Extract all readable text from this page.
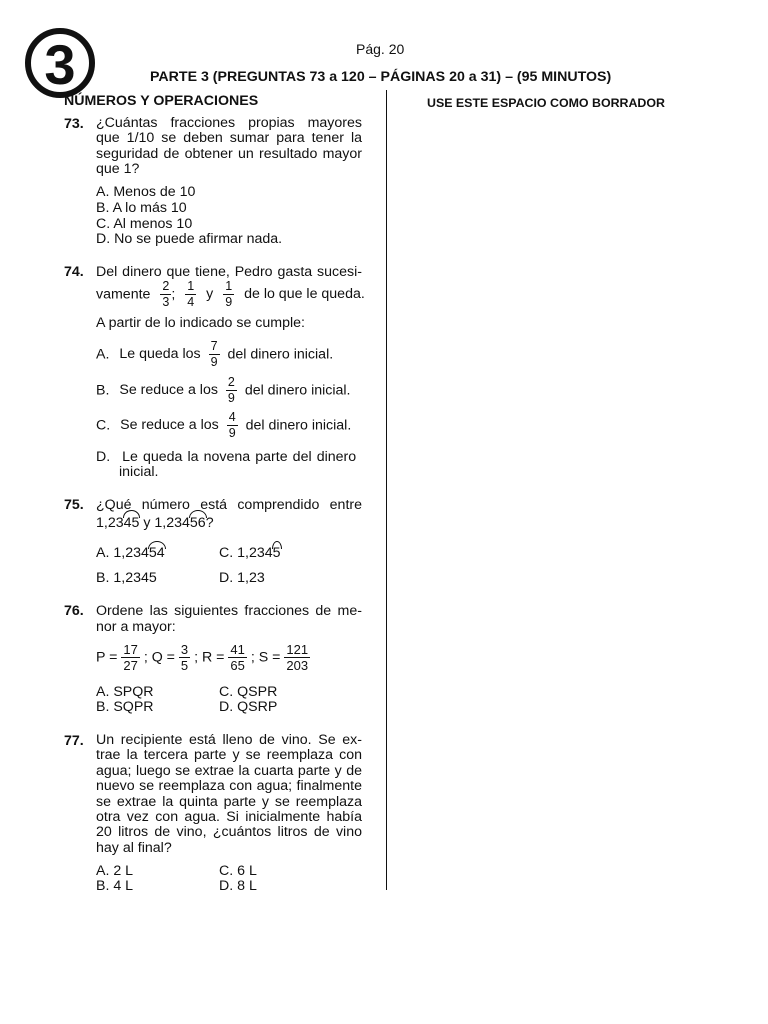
3	Pág. 20
PARTE 3 (PREGUNTAS 73 a 120 – PÁGINAS 20 a 31) – (95 MINUTOS)
NÚMEROS Y OPERACIONES	USE ESTE ESPACIO COMO BORRADOR
73. ¿Cuántas fracciones propias mayores que 1/10 se deben sumar para tener la seguridad de obtener un resultado mayor que 1?
A. Menos de 10
B. A lo más 10
C. Al menos 10
D. No se puede afirmar nada.
74. Del dinero que tiene, Pedro gasta sucesi-
vamente $\frac{2}{3}$ ; $\frac{1}{4}$ y $\frac{1}{9}$ de lo que le queda.
A partir de lo indicado se cumple:
A. Le queda los $\frac{7}{9}$ del dinero inicial.
B. Se reduce a los $\frac{2}{9}$ del dinero inicial.
C. Se reduce a los $\frac{4}{9}$ del dinero inicial.
D. Le queda la novena parte del dinero
inicial.
75. ¿Qué número está comprendido entre
1,2345 y 1,23456?
A. 1,23454	C. 1,2345
B. 1,2345	D. 1,23
76. Ordene las siguientes fracciones de me-
nor a mayor:
$P = \frac{17}{27}$ ; $Q = \frac{3}{5}$ ; $R = \frac{41}{65}$ ; $S = \frac{121}{203}$
A. SPQR
B. SQPR
C. QSPR
D. QSRP
77. Un recipiente está lleno de vino. Se extrae la tercera parte y se reemplaza con agua; luego se extrae la cuarta parte y de nuevo se reemplaza con agua; finalmente se extrae la quinta parte y se reemplaza otra vez con agua. Si inicialmente había 20 litros de vino, ¿cuántos litros de vino hay al final?
A. 2 L
B. 4 L
C. 6 L
D. 8 L
